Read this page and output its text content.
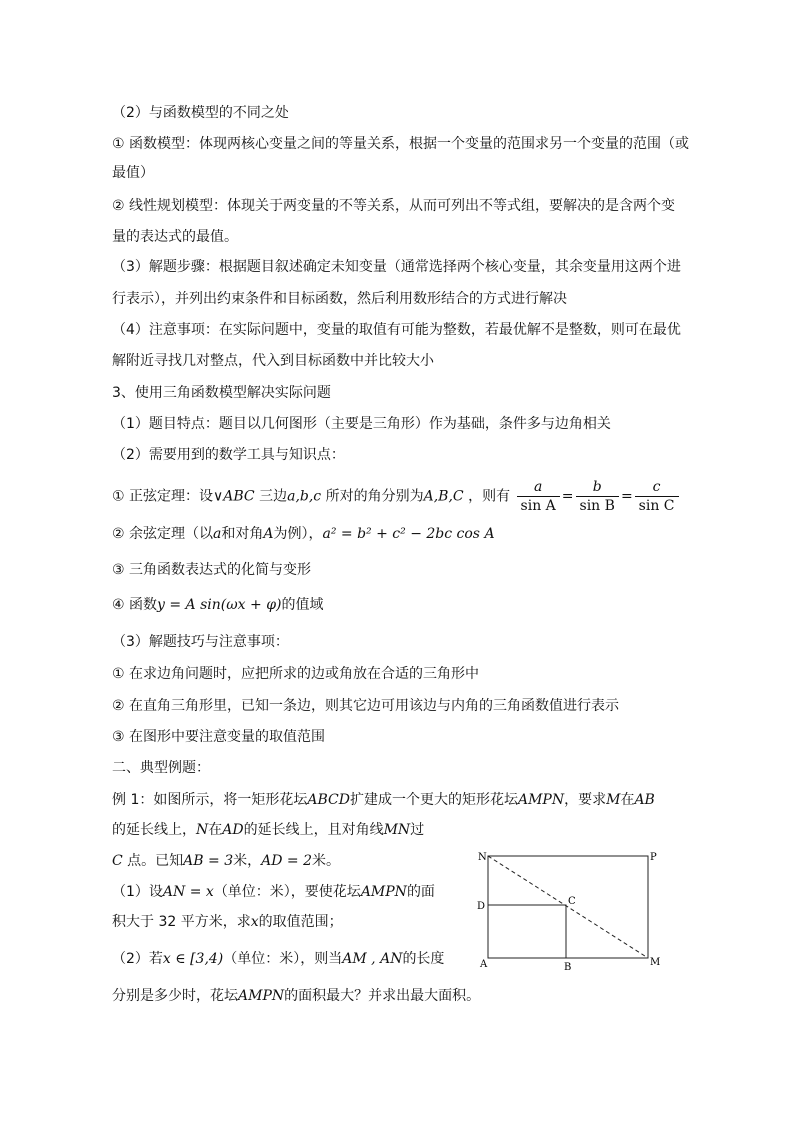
（2）与函数模型的不同之处
① 函数模型：体现两核心变量之间的等量关系，根据一个变量的范围求另一个变量的范围（或
最值）
② 线性规划模型：体现关于两变量的不等关系，从而可列出不等式组，要解决的是含两个变
量的表达式的最值。
（3）解题步骤：根据题目叙述确定未知变量（通常选择两个核心变量，其余变量用这两个进
行表示），并列出约束条件和目标函数，然后利用数形结合的方式进行解决
（4）注意事项：在实际问题中，变量的取值有可能为整数，若最优解不是整数，则可在最优
解附近寻找几对整点，代入到目标函数中并比较大小
3、使用三角函数模型解决实际问题
（1）题目特点：题目以几何图形（主要是三角形）作为基础，条件多与边角相关
（2）需要用到的数学工具与知识点：
① 正弦定理：设∨ABC 三边a,b,c 所对的角分别为A,B,C ，则有 $\frac{a}{\text{sin A}} = \frac{b}{\text{sin B}} = \frac{c}{\text{sin C}}$
② 余弦定理（以a和对角A为例），a² = b² + c² − 2bc cos A
③ 三角函数表达式的化简与变形
④ 函数y = A sin(ωx + φ)的值域
（3）解题技巧与注意事项：
① 在求边角问题时，应把所求的边或角放在合适的三角形中
② 在直角三角形里，已知一条边，则其它边可用该边与内角的三角函数值进行表示
③ 在图形中要注意变量的取值范围
二、典型例题：
例 1：如图所示，将一矩形花坛ABCD扩建成一个更大的矩形花坛AMPN，要求M在AB
的延长线上，N在AD的延长线上，且对角线MN过
C 点。已知AB = 3米，AD = 2米。
（1）设AN = x（单位：米），要使花坛AMPN的面
积大于 32 平方米，求x的取值范围；
（2）若x ∈ [3,4)（单位：米），则当AM , AN的长度
分别是多少时，花坛AMPN的面积最大？并求出最大面积。
N	P
D	C
A	B	M
